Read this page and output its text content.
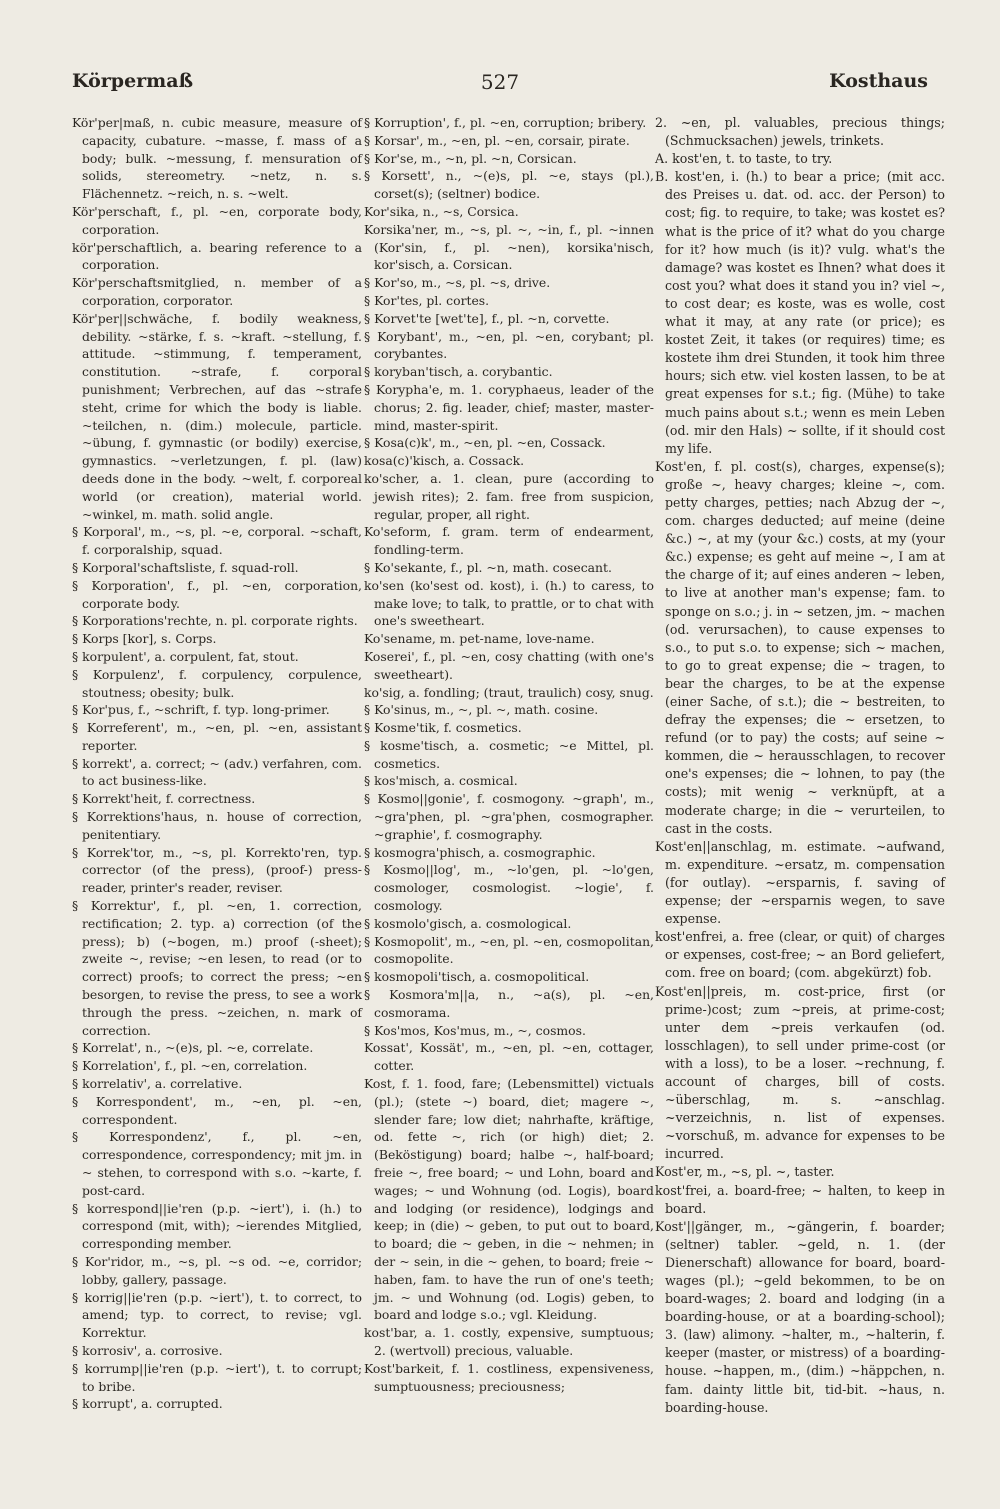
Körpermaß	527	Kosthaus

Kör'per|maß, n. cubic measure, measure of capacity, cubature. ~masse, f. mass of a body; bulk. ~messung, f. mensuration of solids, stereometry. ~netz, n. s. Flächennetz. ~reich, n. s. ~welt.

Kör'perschaft, f., pl. ~en, corporate body, corporation.

kör'perschaftlich, a. bearing reference to a corporation.

Kör'perschaftsmitglied, n. member of a corporation, corporator.

Kör'per||schwäche, f. bodily weakness, debility. ~stärke, f. s. ~kraft. ~stellung, f. attitude. ~stimmung, f. temperament, constitution. ~strafe, f. corporal punishment; Verbrechen, auf das ~strafe steht, crime for which the body is liable. ~teilchen, n. (dim.) molecule, particle. ~übung, f. gymnastic (or bodily) exercise, gymnastics. ~verletzungen, f. pl. (law) deeds done in the body. ~welt, f. corporeal world (or creation), material world. ~winkel, m. math. solid angle.

§ Korporal', m., ~s, pl. ~e, corporal. ~schaft, f. corporalship, squad.

§ Korporal'schaftsliste, f. squad-roll.

§ Korporation', f., pl. ~en, corporation, corporate body.

§ Korporations'rechte, n. pl. corporate rights.

§ Korps [kor], s. Corps.

§ korpulent', a. corpulent, fat, stout.

§ Korpulenz', f. corpulency, corpulence, stoutness; obesity; bulk.

§ Kor'pus, f., ~schrift, f. typ. long-primer.

§ Korreferent', m., ~en, pl. ~en, assistant reporter.

§ korrekt', a. correct; ~ (adv.) verfahren, com. to act business-like.

§ Korrekt'heit, f. correctness.

§ Korrektions'haus, n. house of correction, penitentiary.

§ Korrek'tor, m., ~s, pl. Korrekto'ren, typ. corrector (of the press), (proof-) press-reader, printer's reader, reviser.

§ Korrektur', f., pl. ~en, 1. correction, rectification; 2. typ. a) correction (of the press); b) (~bogen, m.) proof (-sheet); zweite ~, revise; ~en lesen, to read (or to correct) proofs; to correct the press; ~en besorgen, to revise the press, to see a work through the press. ~zeichen, n. mark of correction.

§ Korrelat', n., ~(e)s, pl. ~e, correlate.

§ Korrelation', f., pl. ~en, correlation.

§ korrelativ', a. correlative.

§ Korrespondent', m., ~en, pl. ~en, correspondent.

§ Korrespondenz', f., pl. ~en, correspondence, correspondency; mit jm. in ~ stehen, to correspond with s.o. ~karte, f. post-card.

§ korrespond||ie'ren (p.p. ~iert'), i. (h.) to correspond (mit, with); ~ierendes Mitglied, corresponding member.

§ Kor'ridor, m., ~s, pl. ~s od. ~e, corridor; lobby, gallery, passage.

§ korrig||ie'ren (p.p. ~iert'), t. to correct, to amend; typ. to correct, to revise; vgl. Korrektur.

§ korrosiv', a. corrosive.

§ korrump||ie'ren (p.p. ~iert'), t. to corrupt; to bribe.

§ korrupt', a. corrupted.

§ Korruption', f., pl. ~en, corruption; bribery.

§ Korsar', m., ~en, pl. ~en, corsair, pirate.

§ Kor'se, m., ~n, pl. ~n, Corsican.

§ Korsett', n., ~(e)s, pl. ~e, stays (pl.), corset(s); (seltner) bodice.

Kor'sika, n., ~s, Corsica.

Korsika'ner, m., ~s, pl. ~, ~in, f., pl. ~innen (Kor'sin, f., pl. ~nen), korsika'nisch, kor'sisch, a. Corsican.

§ Kor'so, m., ~s, pl. ~s, drive.

§ Kor'tes, pl. cortes.

§ Korvet'te [wet'te], f., pl. ~n, corvette.

§ Korybant', m., ~en, pl. ~en, corybant; pl. corybantes.

§ koryban'tisch, a. corybantic.

§ Korypha'e, m. 1. coryphaeus, leader of the chorus; 2. fig. leader, chief; master, master-mind, master-spirit.

§ Kosa(c)k', m., ~en, pl. ~en, Cossack.

kosa(c)'kisch, a. Cossack.

ko'scher, a. 1. clean, pure (according to jewish rites); 2. fam. free from suspicion, regular, proper, all right.

Ko'seform, f. gram. term of endearment, fondling-term.

§ Ko'sekante, f., pl. ~n, math. cosecant.

ko'sen (ko'sest od. kost), i. (h.) to caress, to make love; to talk, to prattle, or to chat with one's sweetheart.

Ko'sename, m. pet-name, love-name.

Koserei', f., pl. ~en, cosy chatting (with one's sweetheart).

ko'sig, a. fondling; (traut, traulich) cosy, snug.

§ Ko'sinus, m., ~, pl. ~, math. cosine.

§ Kosme'tik, f. cosmetics.

§ kosme'tisch, a. cosmetic; ~e Mittel, pl. cosmetics.

§ kos'misch, a. cosmical.

§ Kosmo||gonie', f. cosmogony. ~graph', m., ~gra'phen, pl. ~gra'phen, cosmographer. ~graphie', f. cosmography.

§ kosmogra'phisch, a. cosmographic.

§ Kosmo||log', m., ~lo'gen, pl. ~lo'gen, cosmologer, cosmologist. ~logie', f. cosmology.

§ kosmolo'gisch, a. cosmological.

§ Kosmopolit', m., ~en, pl. ~en, cosmopolitan, cosmopolite.

§ kosmopoli'tisch, a. cosmopolitical.

§ Kosmora'm||a, n., ~a(s), pl. ~en, cosmorama.

§ Kos'mos, Kos'mus, m., ~, cosmos.

Kossat', Kossät', m., ~en, pl. ~en, cottager, cotter.

Kost, f. 1. food, fare; (Lebensmittel) victuals (pl.); (stete ~) board, diet; magere ~, slender fare; low diet; nahrhafte, kräftige, od. fette ~, rich (or high) diet; 2. (Beköstigung) board; halbe ~, half-board; freie ~, free board; ~ und Lohn, board and wages; ~ und Wohnung (od. Logis), board and lodging (or residence), lodgings and keep; in (die) ~ geben, to put out to board, to board; die ~ geben, in die ~ nehmen; in der ~ sein, in die ~ gehen, to board; freie ~ haben, fam. to have the run of one's teeth; jm. ~ und Wohnung (od. Logis) geben, to board and lodge s.o.; vgl. Kleidung.

kost'bar, a. 1. costly, expensive, sumptuous; 2. (wertvoll) precious, valuable.

Kost'barkeit, f. 1. costliness, expensiveness, sumptuousness; preciousness;

2. ~en, pl. valuables, precious things; (Schmucksachen) jewels, trinkets.

A. kost'en, t. to taste, to try.

B. kost'en, i. (h.) to bear a price; (mit acc. des Preises u. dat. od. acc. der Person) to cost; fig. to require, to take; was kostet es? what is the price of it? what do you charge for it? how much (is it)? vulg. what's the damage? was kostet es Ihnen? what does it cost you? what does it stand you in? viel ~, to cost dear; es koste, was es wolle, cost what it may, at any rate (or price); es kostet Zeit, it takes (or requires) time; es kostete ihm drei Stunden, it took him three hours; sich etw. viel kosten lassen, to be at great expenses for s.t.; fig. (Mühe) to take much pains about s.t.; wenn es mein Leben (od. mir den Hals) ~ sollte, if it should cost my life.

Kost'en, f. pl. cost(s), charges, expense(s); große ~, heavy charges; kleine ~, com. petty charges, petties; nach Abzug der ~, com. charges deducted; auf meine (deine &c.) ~, at my (your &c.) costs, at my (your &c.) expense; es geht auf meine ~, I am at the charge of it; auf eines anderen ~ leben, to live at another man's expense; fam. to sponge on s.o.; j. in ~ setzen, jm. ~ machen (od. verursachen), to cause expenses to s.o., to put s.o. to expense; sich ~ machen, to go to great expense; die ~ tragen, to bear the charges, to be at the expense (einer Sache, of s.t.); die ~ bestreiten, to defray the expenses; die ~ ersetzen, to refund (or to pay) the costs; auf seine ~ kommen, die ~ herausschlagen, to recover one's expenses; die ~ lohnen, to pay (the costs); mit wenig ~ verknüpft, at a moderate charge; in die ~ verurteilen, to cast in the costs.

Kost'en||anschlag, m. estimate. ~aufwand, m. expenditure. ~ersatz, m. compensation (for outlay). ~ersparnis, f. saving of expense; der ~ersparnis wegen, to save expense.

kost'enfrei, a. free (clear, or quit) of charges or expenses, cost-free; ~ an Bord geliefert, com. free on board; (com. abgekürzt) fob.

Kost'en||preis, m. cost-price, first (or prime-)cost; zum ~preis, at prime-cost; unter dem ~preis verkaufen (od. losschlagen), to sell under prime-cost (or with a loss), to be a loser. ~rechnung, f. account of charges, bill of costs. ~überschlag, m. s. ~anschlag. ~verzeichnis, n. list of expenses. ~vorschuß, m. advance for expenses to be incurred.

Kost'er, m., ~s, pl. ~, taster.

kost'frei, a. board-free; ~ halten, to keep in board.

Kost'||gänger, m., ~gängerin, f. boarder; (seltner) tabler. ~geld, n. 1. (der Dienerschaft) allowance for board, board-wages (pl.); ~geld bekommen, to be on board-wages; 2. board and lodging (in a boarding-house, or at a boarding-school); 3. (law) alimony. ~halter, m., ~halterin, f. keeper (master, or mistress) of a boarding-house. ~happen, m., (dim.) ~häppchen, n. fam. dainty little bit, tid-bit. ~haus, n. boarding-house.
